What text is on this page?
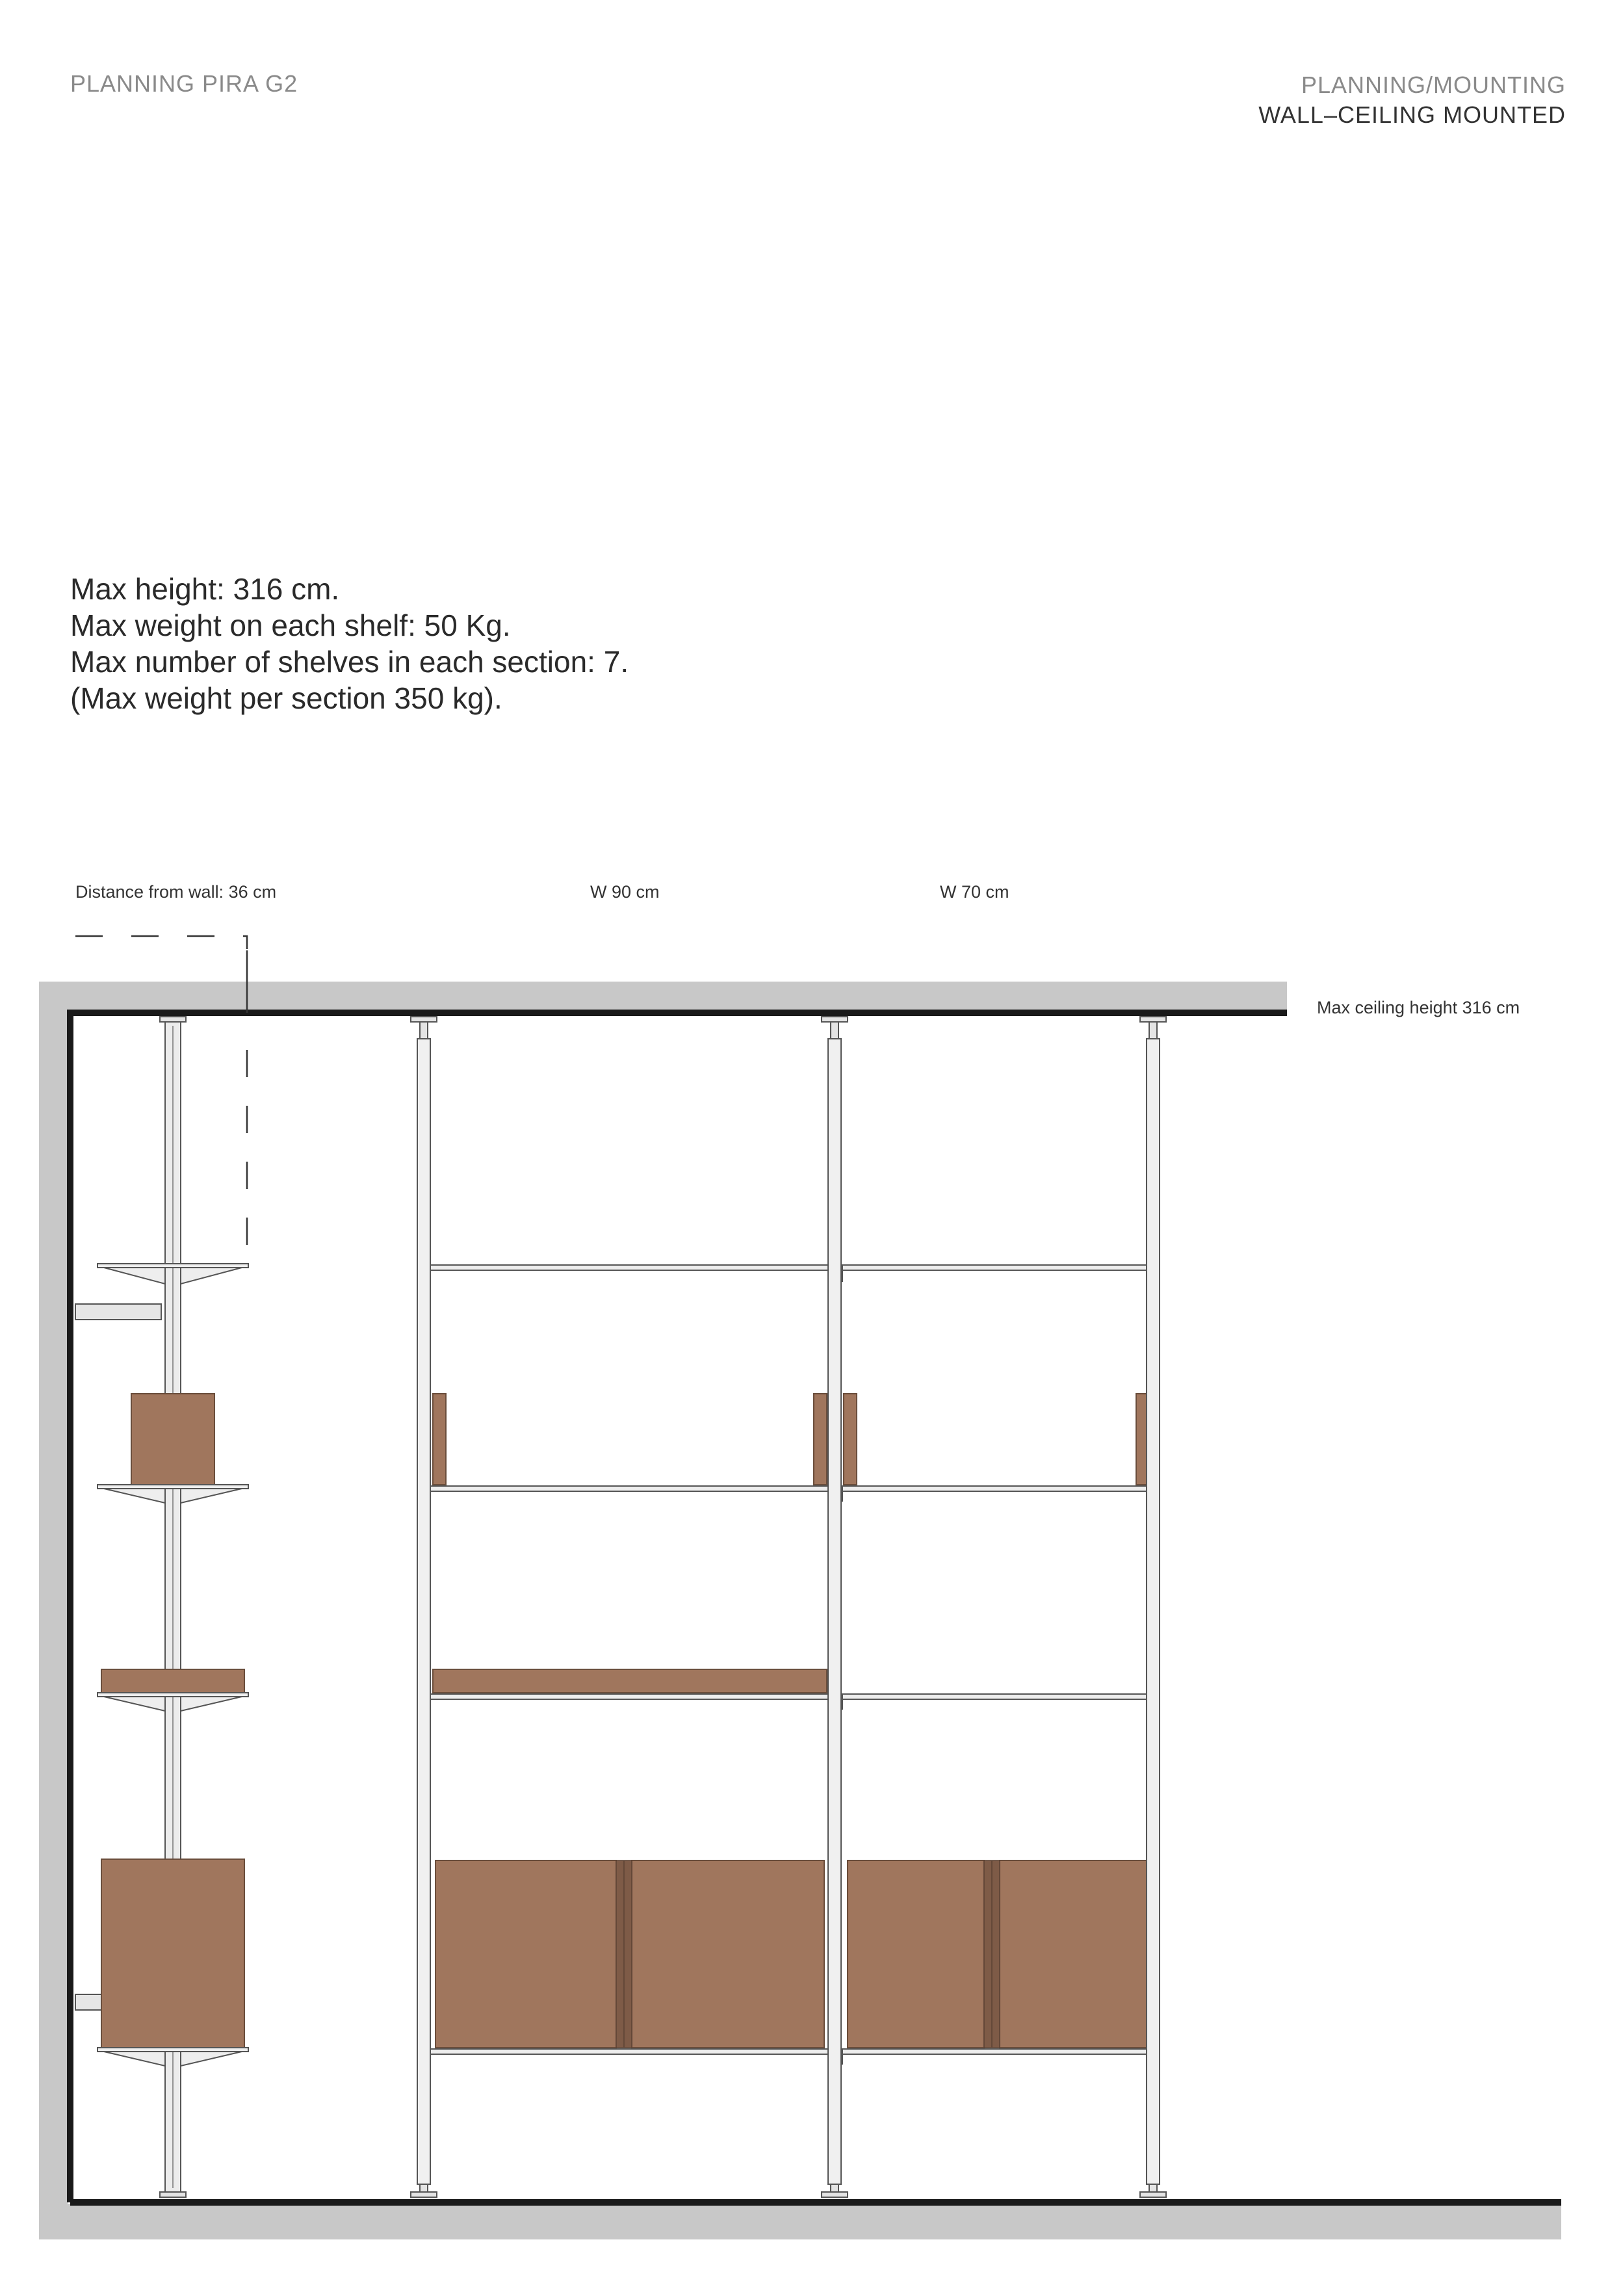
PLANNING PIRA G2	PLANNING/MOUNTING
WALL–CEILING MOUNTED
Max height: 316 cm.
Max weight on each shelf: 50 Kg.
Max number of shelves in each section: 7.
(Max weight per section 350 kg).
Distance from wall: 36 cm	W 90 cm	W 70 cm
Max ceiling height 316 cm
